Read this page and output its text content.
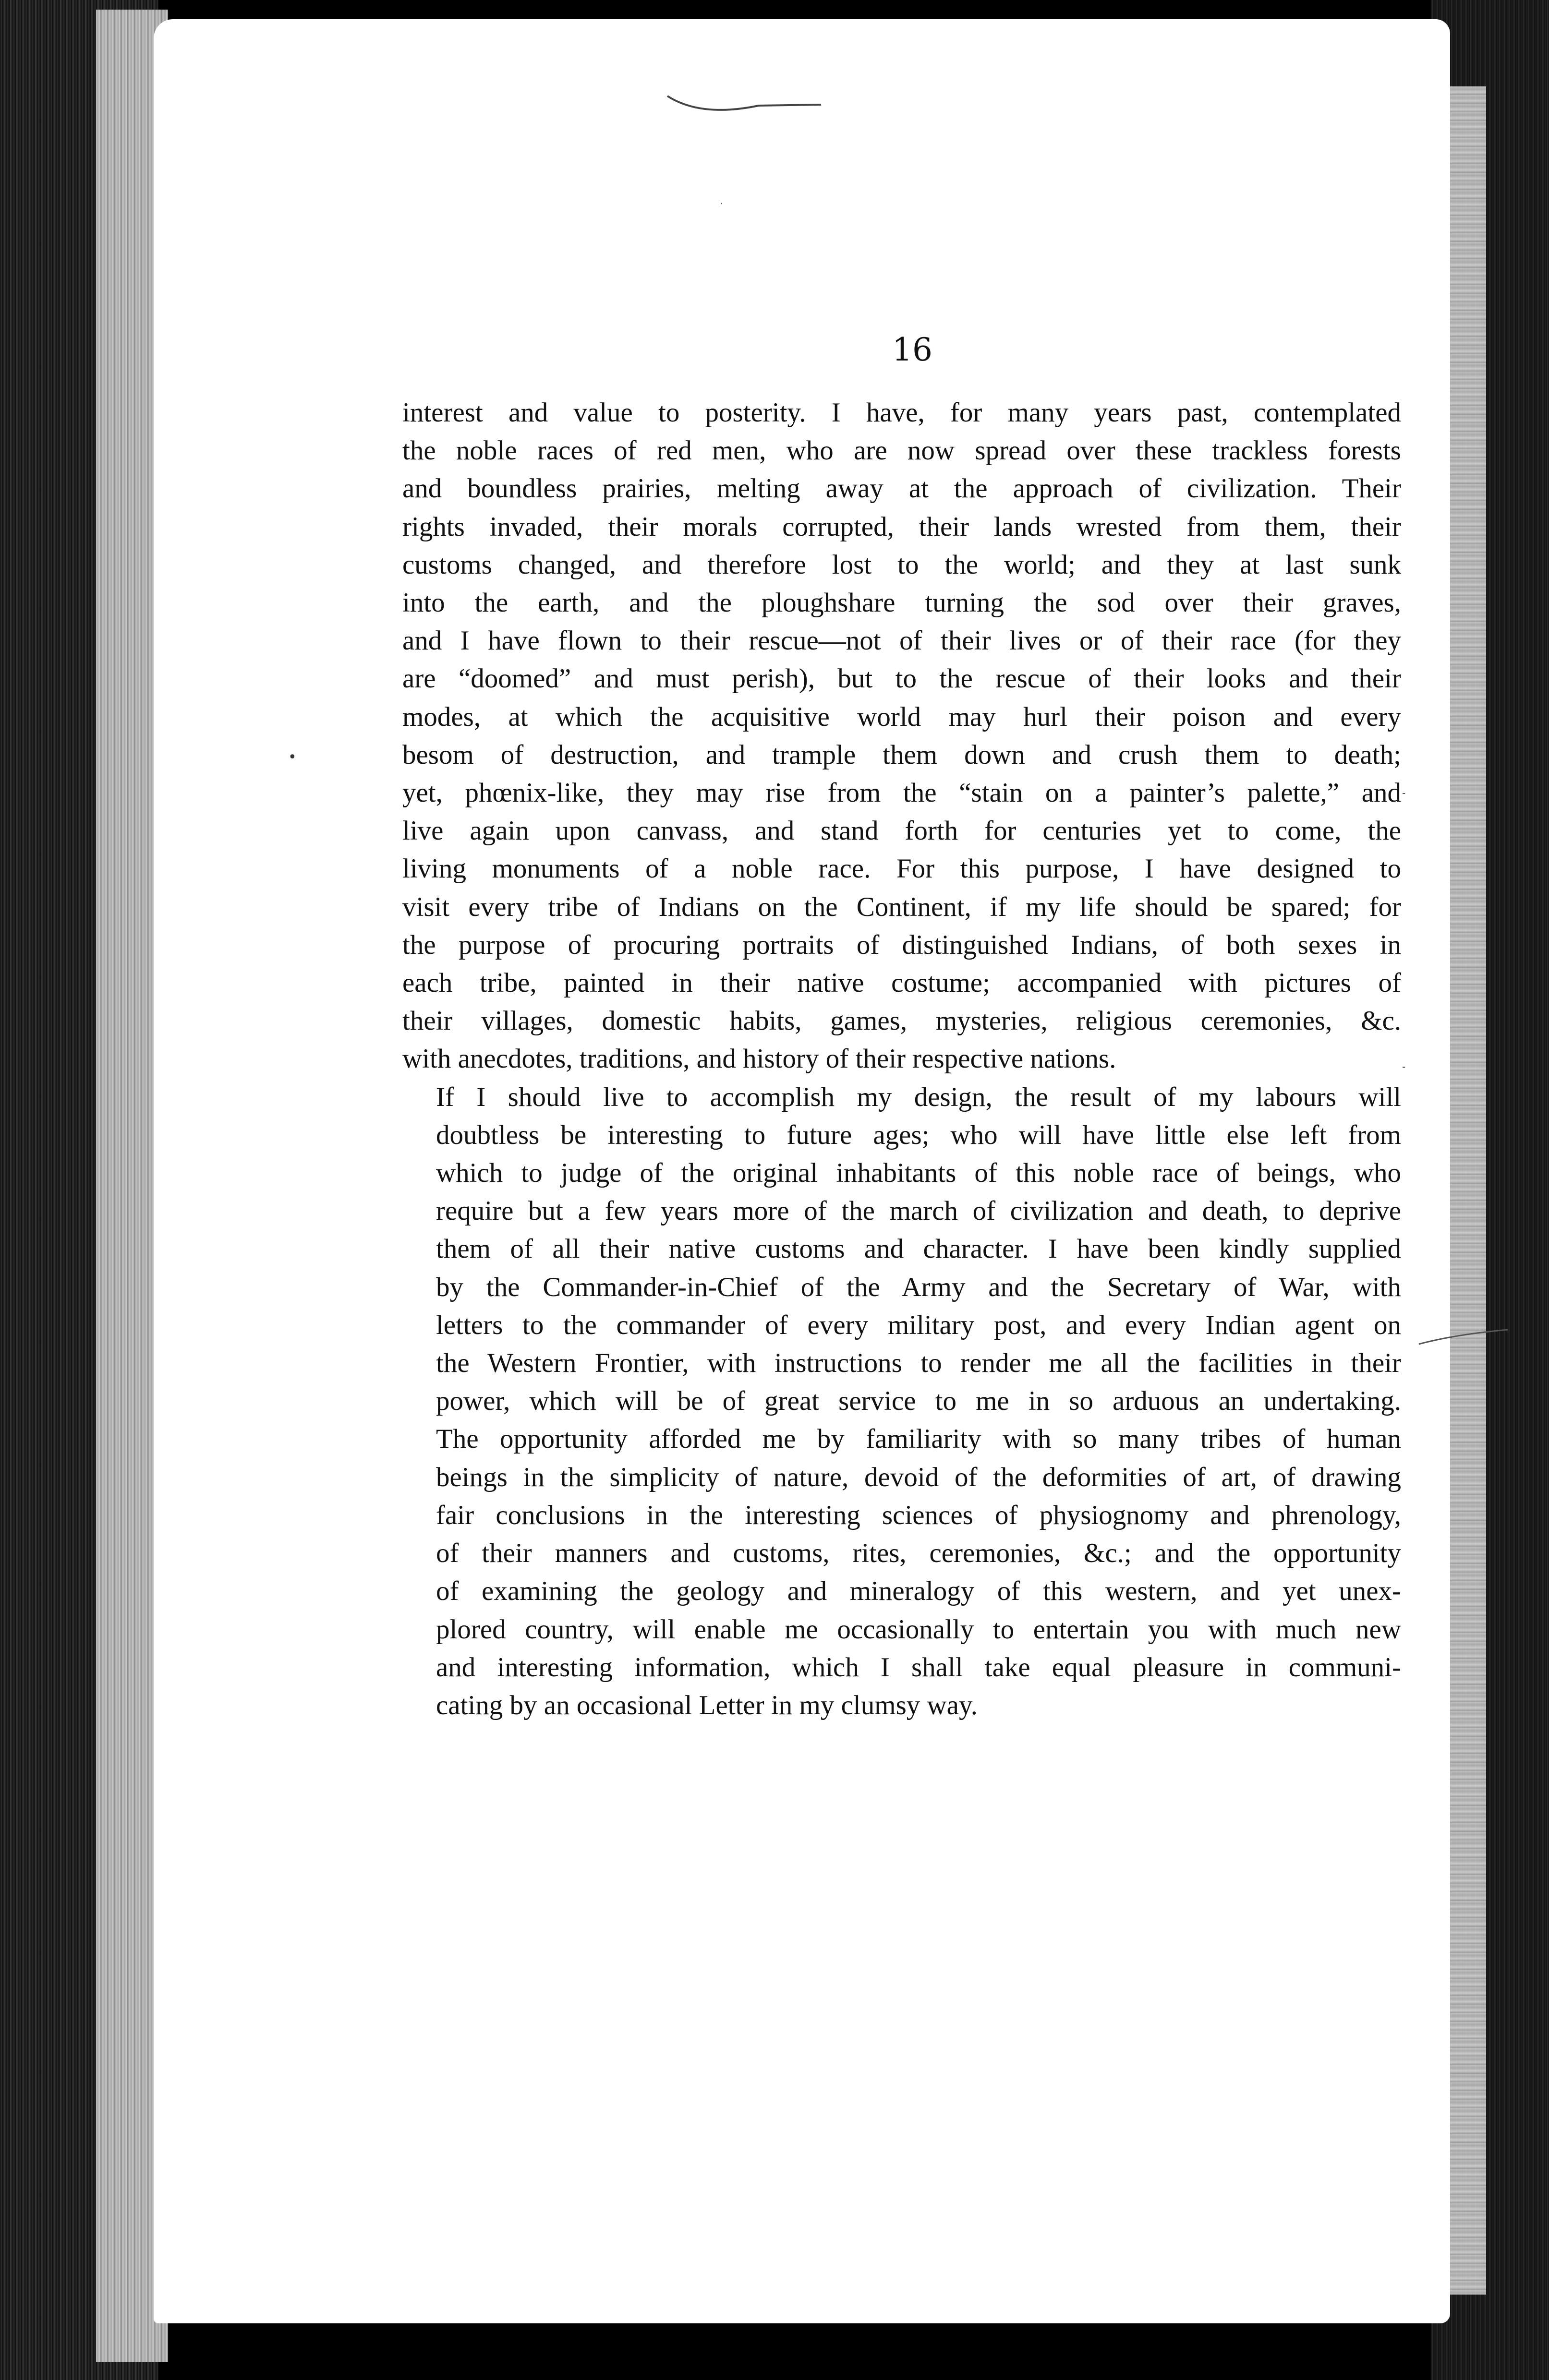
.
•
-
-
16

interest and value to posterity. I have, for many years past, contemplated
the noble races of red men, who are now spread over these trackless forests
and boundless prairies, melting away at the approach of civilization. Their
rights invaded, their morals corrupted, their lands wrested from them, their
customs changed, and therefore lost to the world; and they at last sunk
into the earth, and the ploughshare turning the sod over their graves,
and I have flown to their rescue—not of their lives or of their race (for they
are “doomed” and must perish), but to the rescue of their looks and their
modes, at which the acquisitive world may hurl their poison and every
besom of destruction, and trample them down and crush them to death;
yet, phœnix-like, they may rise from the “stain on a painter’s palette,” and
live again upon canvass, and stand forth for centuries yet to come, the
living monuments of a noble race. For this purpose, I have designed to
visit every tribe of Indians on the Continent, if my life should be spared; for
the purpose of procuring portraits of distinguished Indians, of both sexes in
each tribe, painted in their native costume; accompanied with pictures of
their villages, domestic habits, games, mysteries, religious ceremonies, &c.
with anecdotes, traditions, and history of their respective nations.

If I should live to accomplish my design, the result of my labours will
doubtless be interesting to future ages; who will have little else left from
which to judge of the original inhabitants of this noble race of beings, who
require but a few years more of the march of civilization and death, to deprive
them of all their native customs and character. I have been kindly supplied
by the Commander-in-Chief of the Army and the Secretary of War, with
letters to the commander of every military post, and every Indian agent on
the Western Frontier, with instructions to render me all the facilities in their
power, which will be of great service to me in so arduous an undertaking.
The opportunity afforded me by familiarity with so many tribes of human
beings in the simplicity of nature, devoid of the deformities of art, of drawing
fair conclusions in the interesting sciences of physiognomy and phrenology,
of their manners and customs, rites, ceremonies, &c.; and the opportunity
of examining the geology and mineralogy of this western, and yet unex-
plored country, will enable me occasionally to entertain you with much new
and interesting information, which I shall take equal pleasure in communi-
cating by an occasional Letter in my clumsy way.
